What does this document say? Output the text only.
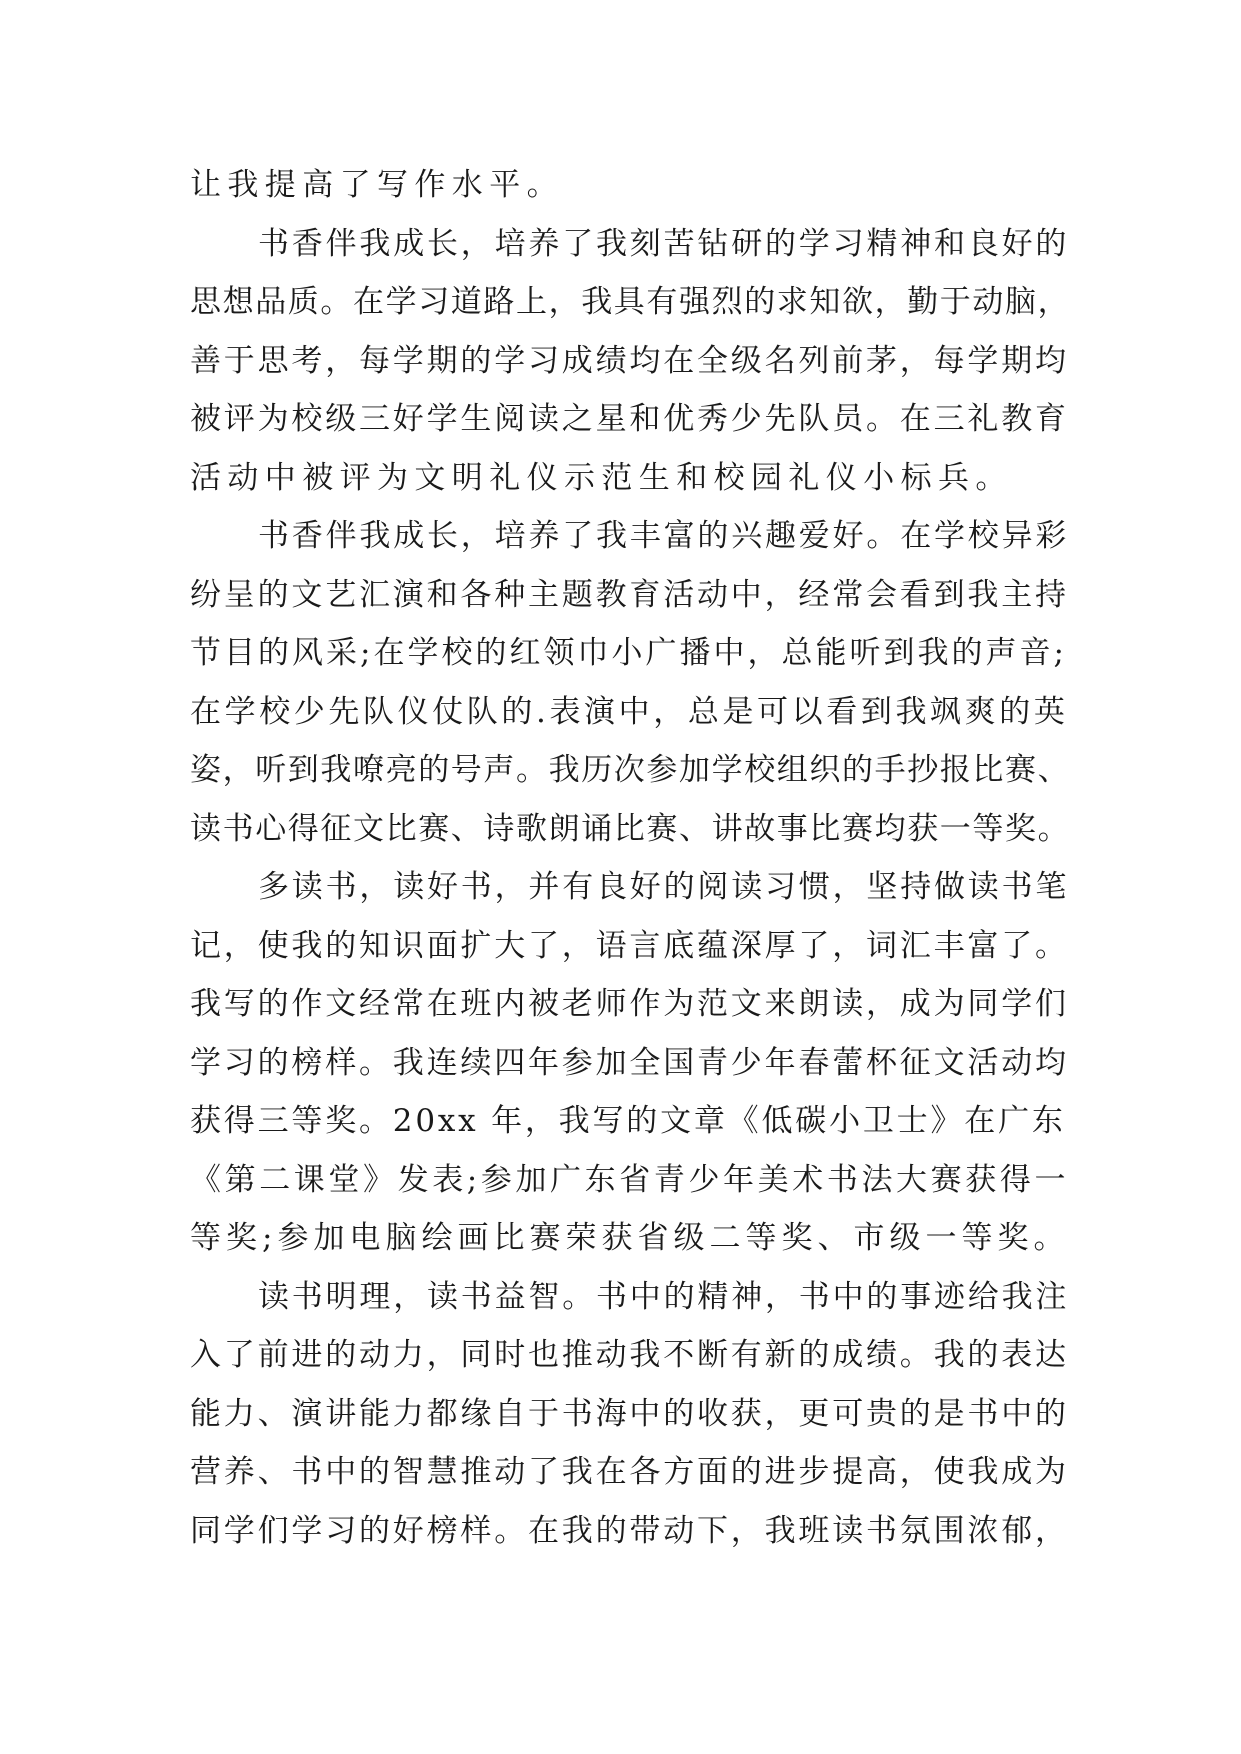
让我提高了写作水平。
书香伴我成长，培养了我刻苦钻研的学习精神和良好的
思想品质。在学习道路上，我具有强烈的求知欲，勤于动脑，
善于思考，每学期的学习成绩均在全级名列前茅，每学期均
被评为校级三好学生阅读之星和优秀少先队员。在三礼教育
活动中被评为文明礼仪示范生和校园礼仪小标兵。
书香伴我成长，培养了我丰富的兴趣爱好。在学校异彩
纷呈的文艺汇演和各种主题教育活动中，经常会看到我主持
节目的风采;在学校的红领巾小广播中，总能听到我的声音;
在学校少先队仪仗队的.表演中，总是可以看到我飒爽的英
姿，听到我嘹亮的号声。我历次参加学校组织的手抄报比赛、
读书心得征文比赛、诗歌朗诵比赛、讲故事比赛均获一等奖。
多读书，读好书，并有良好的阅读习惯，坚持做读书笔
记，使我的知识面扩大了，语言底蕴深厚了，词汇丰富了。
我写的作文经常在班内被老师作为范文来朗读，成为同学们
学习的榜样。我连续四年参加全国青少年春蕾杯征文活动均
获得三等奖。20xx 年，我写的文章《低碳小卫士》在广东
《第二课堂》发表;参加广东省青少年美术书法大赛获得一
等奖;参加电脑绘画比赛荣获省级二等奖、市级一等奖。
读书明理，读书益智。书中的精神，书中的事迹给我注
入了前进的动力，同时也推动我不断有新的成绩。我的表达
能力、演讲能力都缘自于书海中的收获，更可贵的是书中的
营养、书中的智慧推动了我在各方面的进步提高，使我成为
同学们学习的好榜样。在我的带动下，我班读书氛围浓郁，
